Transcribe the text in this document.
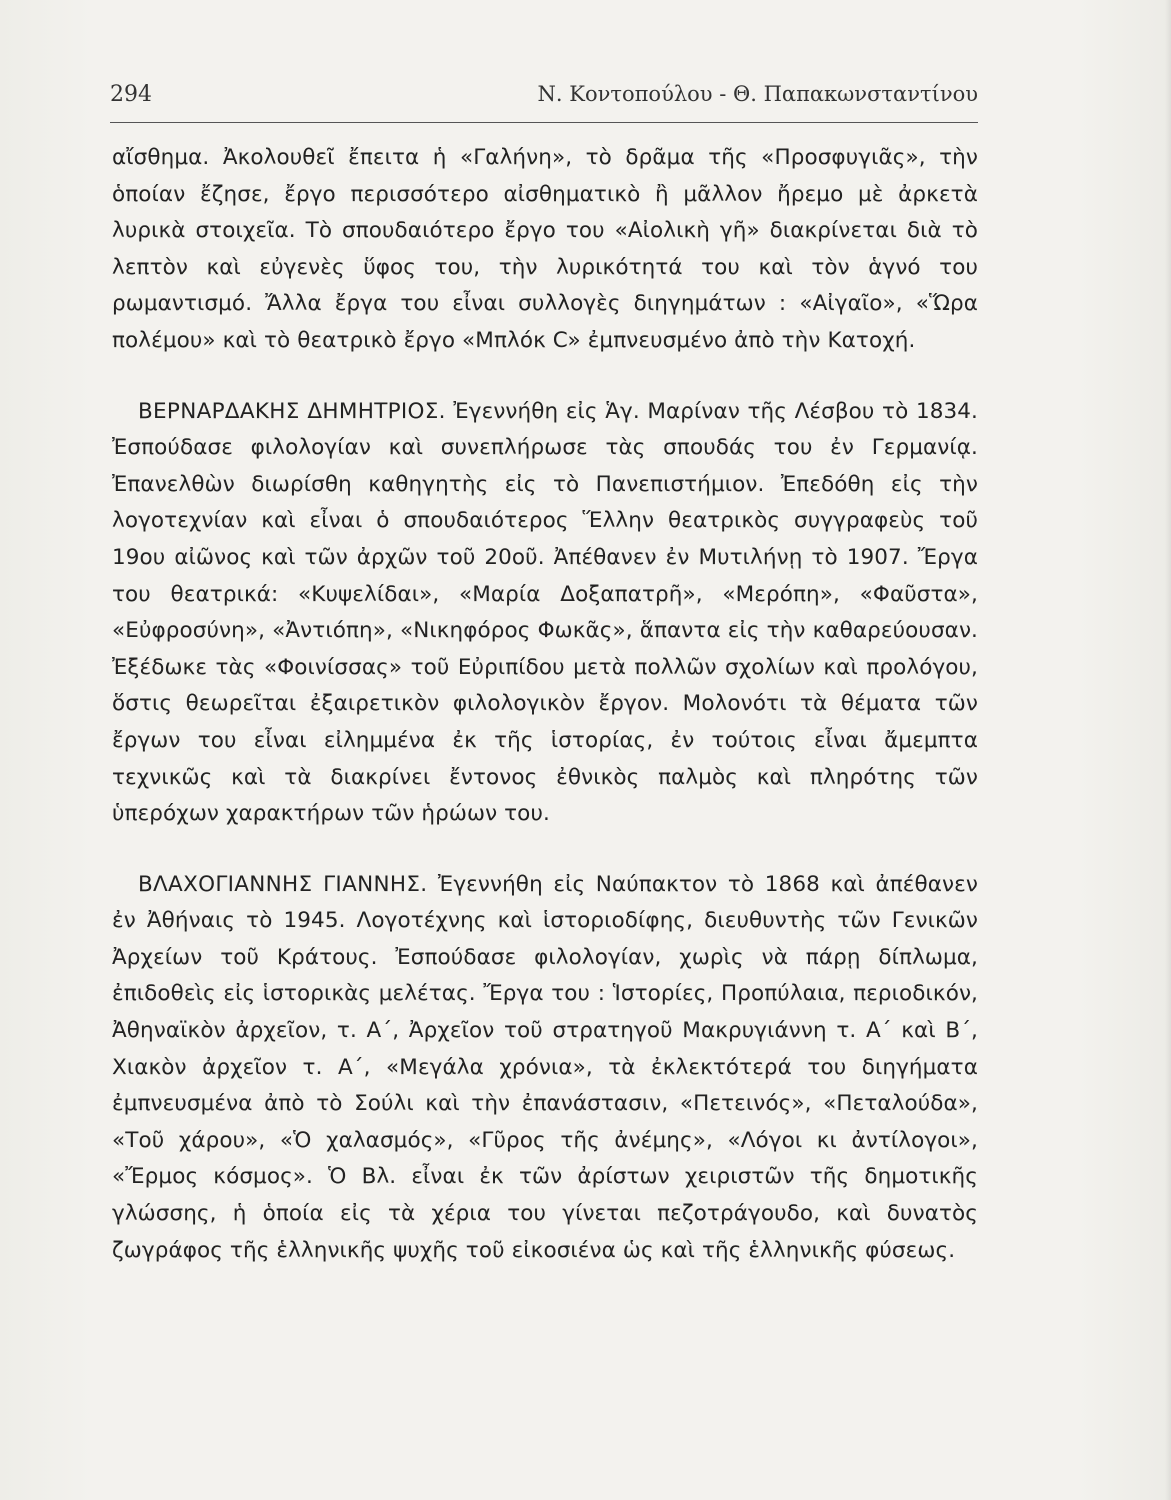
294	Ν. Κοντοπούλου - Θ. Παπακωνσταντίνου

αἴσθημα. Ἀκολουθεῖ ἔπειτα ἡ «Γαλήνη», τὸ δρᾶμα τῆς «Προσφυγιᾶς», τὴν ὁποίαν ἔζησε, ἔργο περισσότερο αἰσθηματικὸ ἢ μᾶλλον ἤρεμο μὲ ἀρκετὰ λυρικὰ στοιχεῖα. Τὸ σπουδαιότερο ἔργο του «Αἰολικὴ γῆ» διακρίνεται διὰ τὸ λεπτὸν καὶ εὐγενὲς ὕφος του, τὴν λυρικότητά του καὶ τὸν ἁγνό του ρωμαντισμό. Ἄλλα ἔργα του εἶναι συλλογὲς διηγημάτων : «Αἰγαῖο», «Ὥρα πολέμου» καὶ τὸ θεατρικὸ ἔργο «Μπλόκ C» ἐμπνευσμένο ἀπὸ τὴν Κατοχή.

ΒΕΡΝΑΡΔΑΚΗΣ ΔΗΜΗΤΡΙΟΣ. Ἐγεννήθη εἰς Ἁγ. Μαρίναν τῆς Λέσβου τὸ 1834. Ἐσπούδασε φιλολογίαν καὶ συνεπλήρωσε τὰς σπουδάς του ἐν Γερμανίᾳ. Ἐπανελθὼν διωρίσθη καθηγητὴς εἰς τὸ Πανεπιστήμιον. Ἐπεδόθη εἰς τὴν λογοτεχνίαν καὶ εἶναι ὁ σπουδαιότερος Ἕλλην θεατρικὸς συγγραφεὺς τοῦ 19ου αἰῶνος καὶ τῶν ἀρχῶν τοῦ 20οῦ. Ἀπέθανεν ἐν Μυτιλήνῃ τὸ 1907. Ἔργα του θεατρικά: «Κυψελίδαι», «Μαρία Δοξαπατρῆ», «Μερόπη», «Φαῦστα», «Εὐφροσύνη», «Ἀντιόπη», «Νικηφόρος Φωκᾶς», ἅπαντα εἰς τὴν καθαρεύουσαν. Ἐξέδωκε τὰς «Φοινίσσας» τοῦ Εὐριπίδου μετὰ πολλῶν σχολίων καὶ προλόγου, ὅστις θεωρεῖται ἐξαιρετικὸν φιλολογικὸν ἔργον. Μολονότι τὰ θέματα τῶν ἔργων του εἶναι εἰλημμένα ἐκ τῆς ἱστορίας, ἐν τούτοις εἶναι ἄμεμπτα τεχνικῶς καὶ τὰ διακρίνει ἔντονος ἐθνικὸς παλμὸς καὶ πληρότης τῶν ὑπερόχων χαρακτήρων τῶν ἡρώων του.

ΒΛΑΧΟΓΙΑΝΝΗΣ ΓΙΑΝΝΗΣ. Ἐγεννήθη εἰς Ναύπακτον τὸ 1868 καὶ ἀπέθανεν ἐν Ἀθήναις τὸ 1945. Λογοτέχνης καὶ ἱστοριοδίφης, διευθυντὴς τῶν Γενικῶν Ἀρχείων τοῦ Κράτους. Ἐσπούδασε φιλολογίαν, χωρὶς νὰ πάρῃ δίπλωμα, ἐπιδοθεὶς εἰς ἱστορικὰς μελέτας. Ἔργα του : Ἱστορίες, Προπύλαια, περιοδικόν, Ἀθηναϊκὸν ἀρχεῖον, τ. Α΄, Ἀρχεῖον τοῦ στρατηγοῦ Μακρυγιάννη τ. Α΄ καὶ Β΄, Χιακὸν ἀρχεῖον τ. Α΄, «Μεγάλα χρόνια», τὰ ἐκλεκτότερά του διηγήματα ἐμπνευσμένα ἀπὸ τὸ Σούλι καὶ τὴν ἐπανάστασιν, «Πετεινός», «Πεταλούδα», «Τοῦ χάρου», «Ὁ χαλασμός», «Γῦρος τῆς ἀνέμης», «Λόγοι κι ἀντίλογοι», «Ἔρμος κόσμος». Ὁ Βλ. εἶναι ἐκ τῶν ἀρίστων χειριστῶν τῆς δημοτικῆς γλώσσης, ἡ ὁποία εἰς τὰ χέρια του γίνεται πεζοτράγουδο, καὶ δυνατὸς ζωγράφος τῆς ἑλληνικῆς ψυχῆς τοῦ εἰκοσιένα ὡς καὶ τῆς ἑλληνικῆς φύσεως.
